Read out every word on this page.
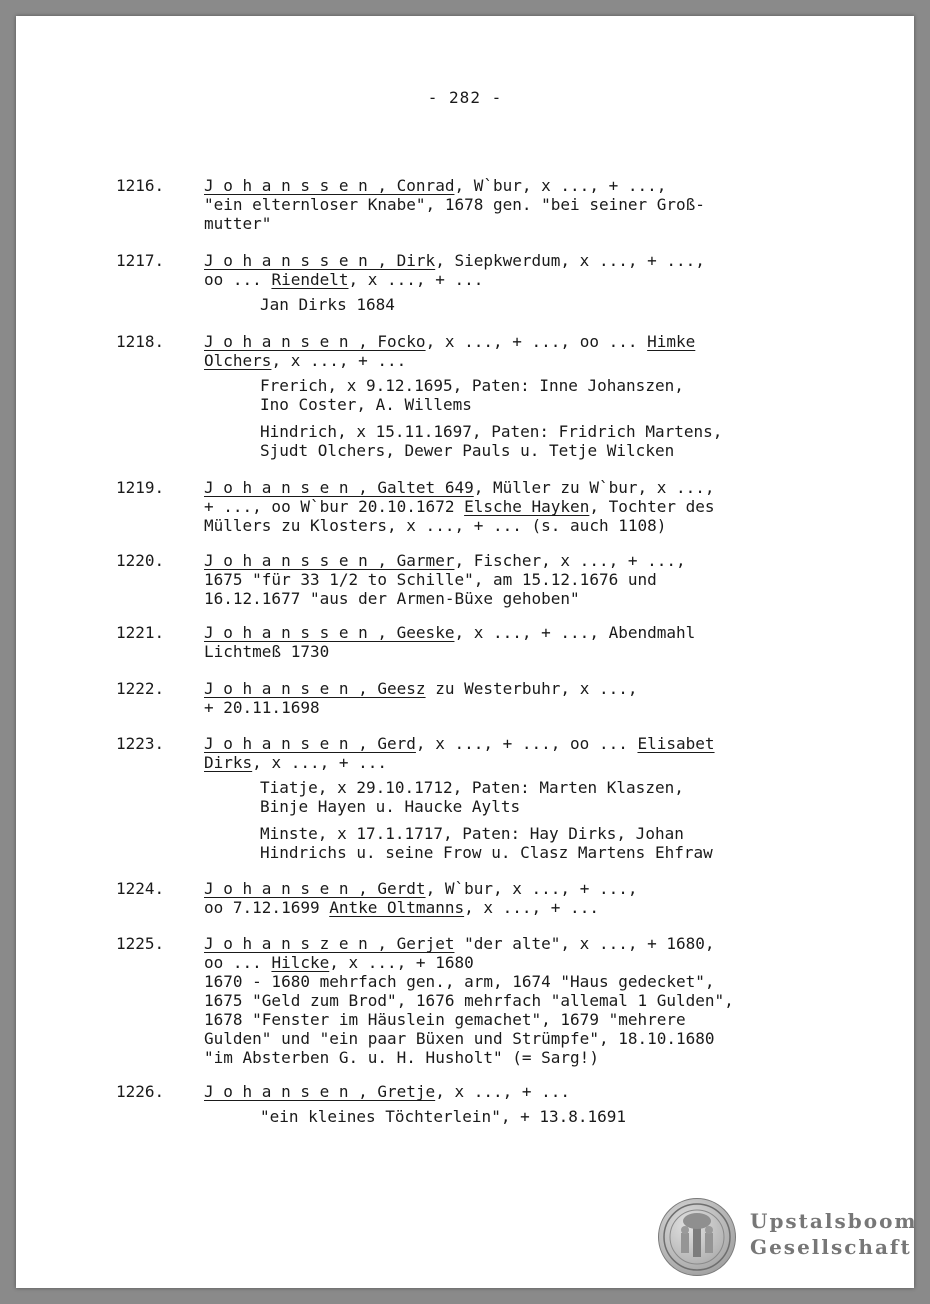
- 282 -
1216.	J o h a n s s e n , Conrad, W`bur, x ..., + ...,
"ein elternloser Knabe", 1678 gen. "bei seiner Groß-
mutter"
1217.	J o h a n s s e n , Dirk, Siepkwerdum, x ..., + ...,
oo ... Riendelt, x ..., + ...
Jan Dirks 1684
1218.	J o h a n s e n , Focko, x ..., + ..., oo ... Himke
Olchers, x ..., + ...
Frerich, x 9.12.1695, Paten: Inne Johanszen,
Ino Coster, A. Willems
Hindrich, x 15.11.1697, Paten: Fridrich Martens,
Sjudt Olchers, Dewer Pauls u. Tetje Wilcken
1219.	J o h a n s e n , Galtet 649, Müller zu W`bur, x ...,
+ ..., oo W`bur 20.10.1672 Elsche Hayken, Tochter des
Müllers zu Klosters, x ..., + ... (s. auch 1108)
1220.	J o h a n s s e n , Garmer, Fischer, x ..., + ...,
1675 "für 33 1/2 to Schille", am 15.12.1676 und
16.12.1677 "aus der Armen-Büxe gehoben"
1221.	J o h a n s s e n , Geeske, x ..., + ..., Abendmahl
Lichtmeß 1730
1222.	J o h a n s e n , Geesz zu Westerbuhr, x ...,
+ 20.11.1698
1223.	J o h a n s e n , Gerd, x ..., + ..., oo ... Elisabet
Dirks, x ..., + ...
Tiatje, x 29.10.1712, Paten: Marten Klaszen,
Binje Hayen u. Haucke Aylts
Minste, x 17.1.1717, Paten: Hay Dirks, Johan
Hindrichs u. seine Frow u. Clasz Martens Ehfraw
1224.	J o h a n s e n , Gerdt, W`bur, x ..., + ...,
oo 7.12.1699 Antke Oltmanns, x ..., + ...
1225.	J o h a n s z e n , Gerjet "der alte", x ..., + 1680,
oo ... Hilcke, x ..., + 1680
1670 - 1680 mehrfach gen., arm, 1674 "Haus gedecket",
1675 "Geld zum Brod", 1676 mehrfach "allemal 1 Gulden",
1678 "Fenster im Häuslein gemachet", 1679 "mehrere
Gulden" und "ein paar Büxen und Strümpfe", 18.10.1680
"im Absterben G. u. H. Husholt" (= Sarg!)
1226.	J o h a n s e n , Gretje, x ..., + ...
"ein kleines Töchterlein", + 13.8.1691
Upstalsboom
Gesellschaft
